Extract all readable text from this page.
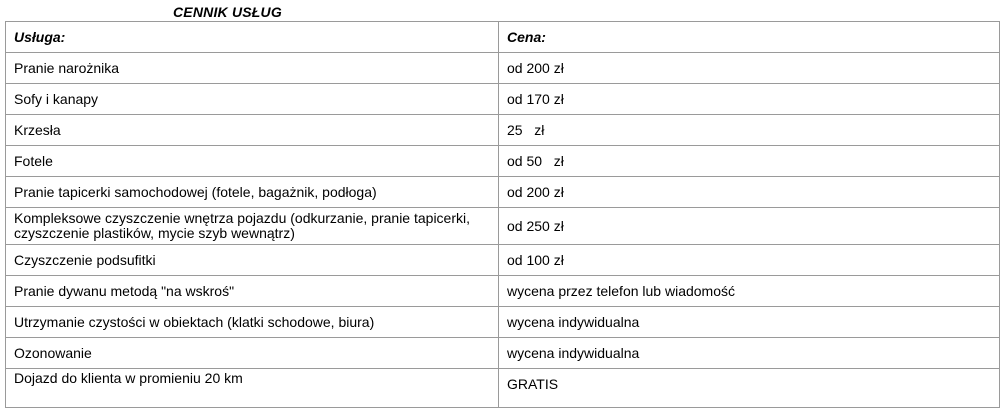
CENNIK USŁUG
Usługa:	Cena:
Pranie narożnika	od 200 zł
Sofy i kanapy	od 170 zł
Krzesła	25   zł
Fotele	od 50   zł
Pranie tapicerki samochodowej (fotele, bagażnik, podłoga)	od 200 zł
Kompleksowe czyszczenie wnętrza pojazdu (odkurzanie, pranie tapicerki, czyszczenie plastików, mycie szyb wewnątrz)	od 250 zł
Czyszczenie podsufitki	od 100 zł
Pranie dywanu metodą "na wskroś"	wycena przez telefon lub wiadomość
Utrzymanie czystości w obiektach (klatki schodowe, biura)	wycena indywidualna
Ozonowanie	wycena indywidualna
Dojazd do klienta w promieniu 20 km	GRATIS
